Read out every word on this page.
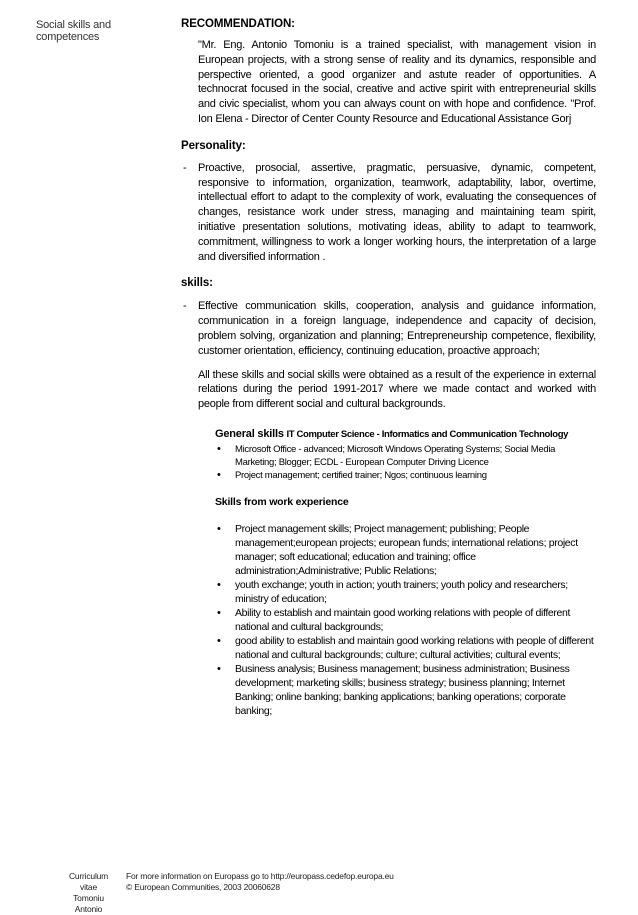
Social skills and competences
RECOMMENDATION:
"Mr. Eng. Antonio Tomoniu is a trained specialist, with management vision in European projects, with a strong sense of reality and its dynamics, responsible and perspective oriented, a good organizer and astute reader of opportunities. A technocrat focused in the social, creative and active spirit with entrepreneurial skills and civic specialist, whom you can always count on with hope and confidence. "Prof. Ion Elena - Director of Center County Resource and Educational Assistance Gorj
Personality:
- Proactive, prosocial, assertive, pragmatic, persuasive, dynamic, competent, responsive to information, organization, teamwork, adaptability, labor, overtime, intellectual effort to adapt to the complexity of work, evaluating the consequences of changes, resistance work under stress, managing and maintaining team spirit, initiative presentation solutions, motivating ideas, ability to adapt to teamwork, commitment, willingness to work a longer working hours, the interpretation of a large and diversified information .
skills:
- Effective communication skills, cooperation, analysis and guidance information, communication in a foreign language, independence and capacity of decision, problem solving, organization and planning; Entrepreneurship competence, flexibility, customer orientation, efficiency, continuing education, proactive approach;
All these skills and social skills were obtained as a result of the experience in external relations during the period 1991-2017 where we made contact and worked with people from different social and cultural backgrounds.
General skills IT Computer Science - Informatics and Communication Technology
• Microsoft Office - advanced; Microsoft Windows Operating Systems; Social Media Marketing; Blogger; ECDL - European Computer Driving Licence
• Project management; certified trainer; Ngos; continuous learning
Skills from work experience
• Project management skills; Project management; publishing; People management;european projects; european funds; international relations; project manager; soft educational; education and training; office administration;Administrative; Public Relations;
• youth exchange; youth in action; youth trainers; youth policy and researchers; ministry of education;
• Ability to establish and maintain good working relations with people of different national and cultural backgrounds;
• good ability to establish and maintain good working relations with people of different national and cultural backgrounds; culture; cultural activities; cultural events;
• Business analysis; Business management; business administration; Business development; marketing skills; business strategy; business planning; Internet Banking; online banking; banking applications; banking operations; corporate banking;
Curriculum vitae
Tomoniu Antonio
For more information on Europass go to http://europass.cedefop.europa.eu
© European Communities, 2003 20060628
